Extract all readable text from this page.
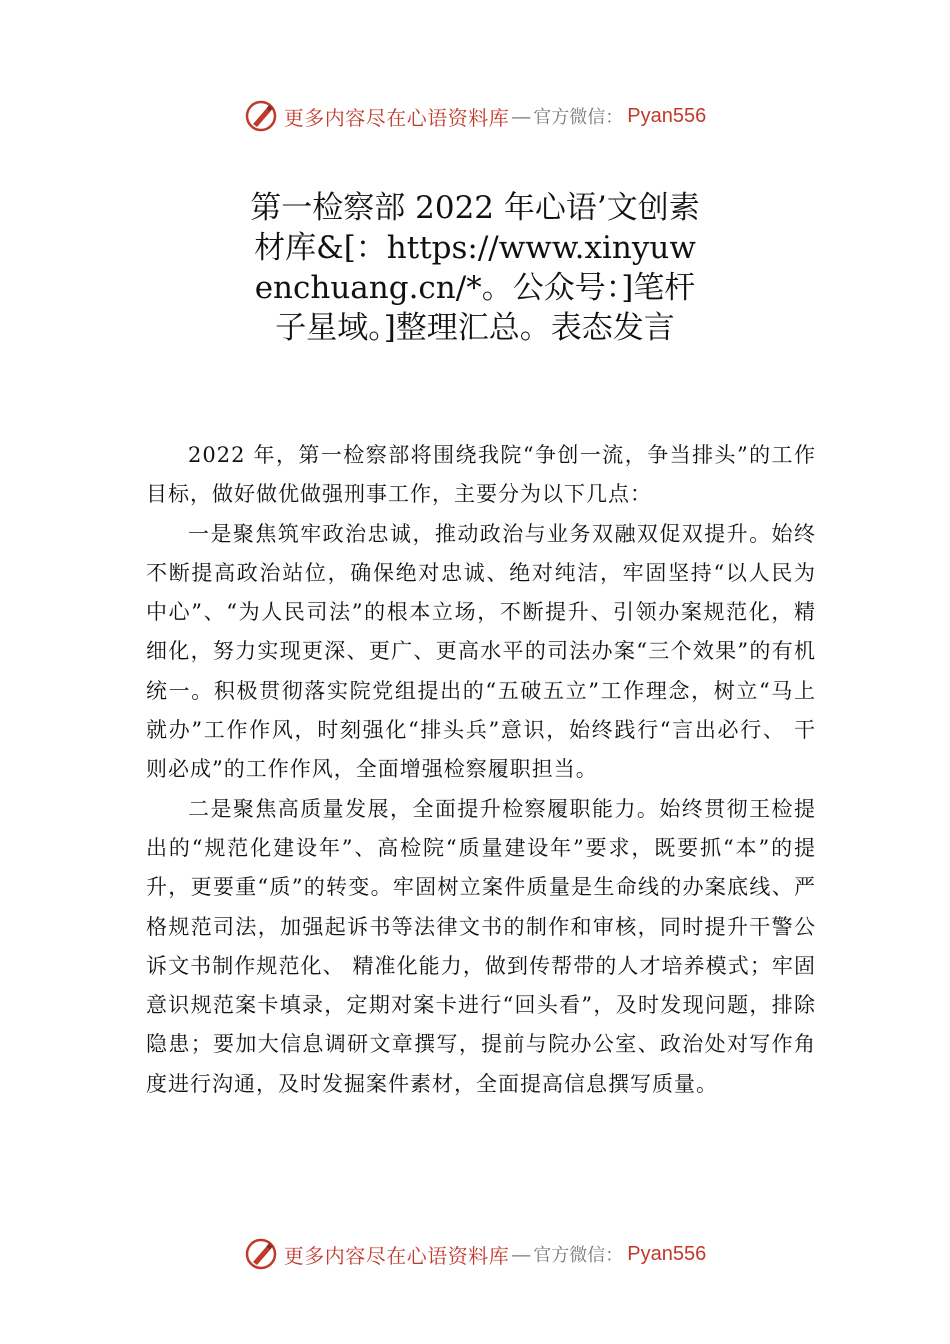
更多内容尽在心语资料库 — 官方微信： Pyan556
第一检察部 2022 年心语’文创素材库&[：https://www.xinyuwenchuang.cn/*。公众号：]笔杆子星域。]整理汇总。表态发言

2022 年，第一检察部将围绕我院“争创一流，争当排头”的工作目标，做好做优做强刑事工作，主要分为以下几点：

一是聚焦筑牢政治忠诚，推动政治与业务双融双促双提升。始终不断提高政治站位，确保绝对忠诚、绝对纯洁，牢固坚持“以人民为中心”、“为人民司法”的根本立场，不断提升、引领办案规范化，精细化，努力实现更深、更广、更高水平的司法办案“三个效果”的有机统一。积极贯彻落实院党组提出的“五破五立”工作理念，树立“马上就办”工作作风，时刻强化“排头兵”意识，始终践行“言出必行、 干则必成”的工作作风，全面增强检察履职担当。

二是聚焦高质量发展，全面提升检察履职能力。始终贯彻王检提出的“规范化建设年”、高检院“质量建设年”要求，既要抓“本”的提升，更要重“质”的转变。牢固树立案件质量是生命线的办案底线、严格规范司法，加强起诉书等法律文书的制作和审核，同时提升干警公诉文书制作规范化、 精准化能力，做到传帮带的人才培养模式；牢固意识规范案卡填录，定期对案卡进行“回头看”，及时发现问题，排除隐患；要加大信息调研文章撰写，提前与院办公室、政治处对写作角度进行沟通，及时发掘案件素材，全面提高信息撰写质量。

更多内容尽在心语资料库 — 官方微信： Pyan556
